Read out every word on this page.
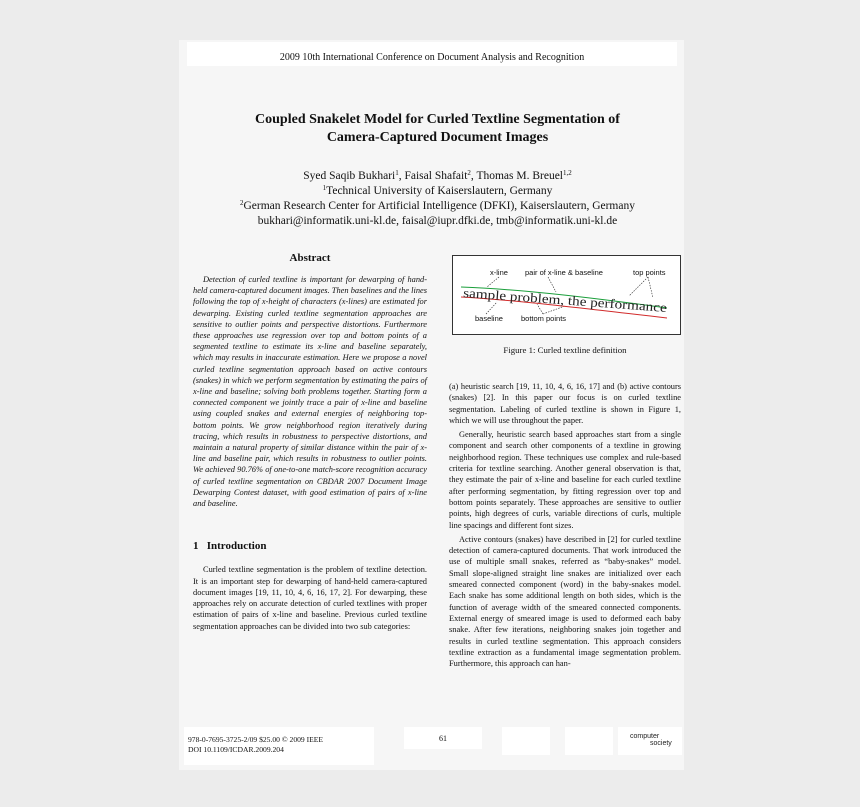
2009 10th International Conference on Document Analysis and Recognition
Coupled Snakelet Model for Curled Textline Segmentation of
Camera-Captured Document Images
Syed Saqib Bukhari$^1$, Faisal Shafait$^2$, Thomas M. Breuel$^{1,2}$
$^1$Technical University of Kaiserslautern, Germany
$^2$German Research Center for Artificial Intelligence (DFKI), Kaiserslautern, Germany
bukhari@informatik.uni-kl.de, faisal@iupr.dfki.de, tmb@informatik.uni-kl.de
Abstract

Detection of curled textline is important for dewarping of hand-held camera-captured document images. Then baselines and the lines following the top of x-height of characters (x-lines) are estimated for dewarping. Existing curled textline segmentation approaches are sensitive to outlier points and perspective distortions. Furthermore these approaches use regression over top and bottom points of a segmented textline to estimate its x-line and baseline separately, which may results in inaccurate estimation. Here we propose a novel curled textline segmentation approach based on active contours (snakes) in which we perform segmentation by estimating the pairs of x-line and baseline; solving both problems together. Starting form a connected component we jointly trace a pair of x-line and baseline using coupled snakes and external energies of neighboring top-bottom points. We grow neighborhood region iteratively during tracing, which results in robustness to perspective distortions, and maintain a natural property of similar distance within the pair of x-line and baseline pair, which results in robustness to outlier points. We achieved 90.76% of one-to-one match-score recognition accuracy of curled textline segmentation on CBDAR 2007 Document Image Dewarping Contest dataset, with good estimation of pairs of x-line and baseline.

1 Introduction

Curled textline segmentation is the problem of textline detection. It is an important step for dewarping of hand-held camera-captured document images [19, 11, 10, 4, 6, 16, 17, 2]. For dewarping, these approaches rely on accurate detection of curled textlines with proper estimation of pairs of x-line and baseline. Previous curled textline segmentation approaches can be divided into two sub categories:

x-line pair of x-line & baseline	top points
baseline bottom points
sample problem, the performance
Figure 1: Curled textline definition

(a) heuristic search [19, 11, 10, 4, 6, 16, 17] and (b) active contours (snakes) [2]. In this paper our focus is on curled textline segmentation. Labeling of curled textline is shown in Figure 1, which we will use throughout the paper.

Generally, heuristic search based approaches start from a single component and search other components of a textline in growing neighborhood region. These techniques use complex and rule-based criteria for textline searching. Another general observation is that, they estimate the pair of x-line and baseline for each curled textline after performing segmentation, by fitting regression over top and bottom points separately. These approaches are sensitive to outlier points, high degrees of curls, variable directions of curls, multiple line spacings and different font sizes.

Active contours (snakes) have described in [2] for curled textline detection of camera-captured documents. That work introduced the use of multiple small snakes, referred as “baby-snakes” model. Small slope-aligned straight line snakes are initialized over each smeared connected component (word) in the baby-snakes model. Each snake has some additional length on both sides, which is the function of average width of the smeared connected components. External energy of smeared image is used to deformed each baby snake. After few iterations, neighboring snakes join together and results in curled textline segmentation. This approach considers textline extraction as a fundamental image segmentation problem. Furthermore, this approach can han-

978-0-7695-3725-2/09 $25.00 © 2009 IEEE
DOI 10.1109/ICDAR.2009.204
61	computer
society
